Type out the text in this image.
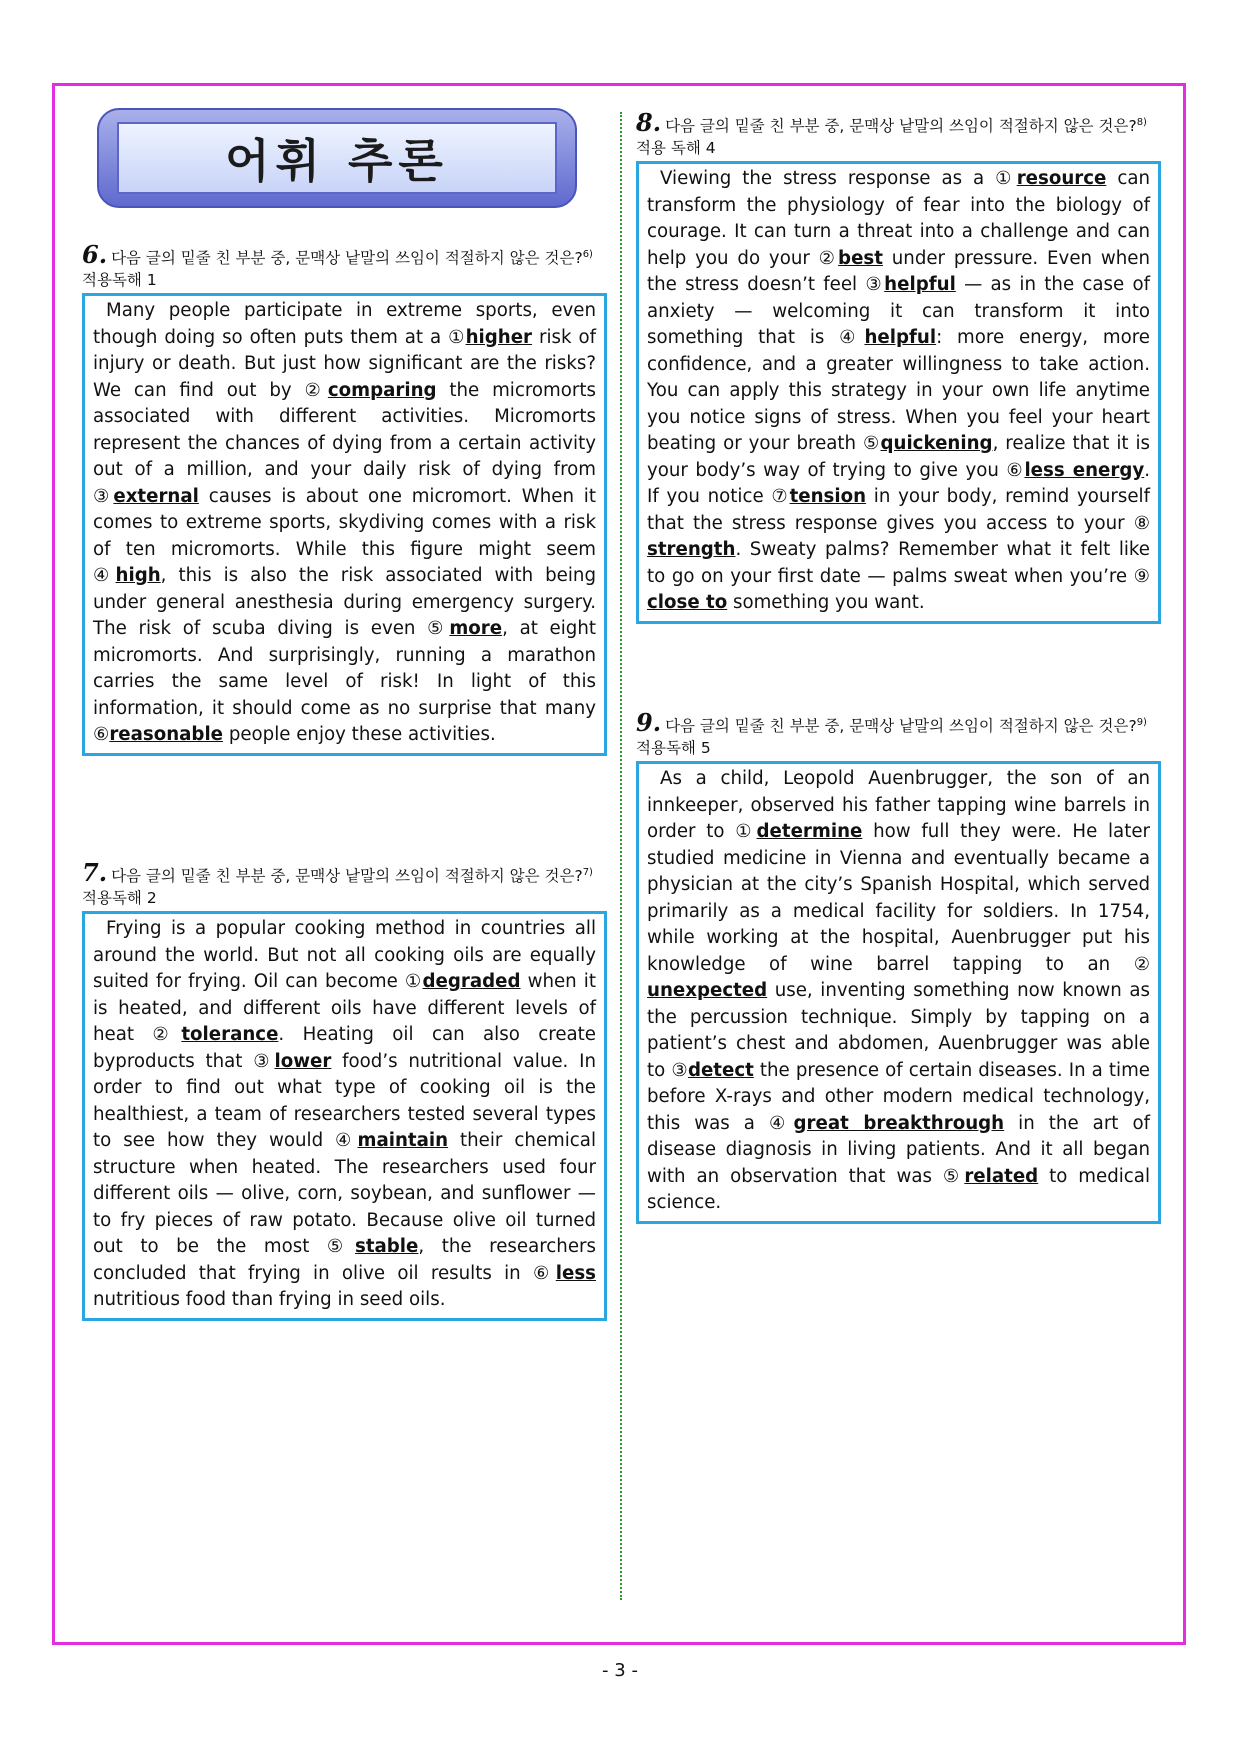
어휘 추론
6. 다음 글의 밑줄 친 부분 중, 문맥상 낱말의 쓰임이 적절하지 않은 것은?$^{6)}$적용독해 1

Many people participate in extreme sports, even though doing so often puts them at a ①higher risk of injury or death. But just how significant are the risks? We can find out by ②comparing the micromorts associated with different activities. Micromorts represent the chances of dying from a certain activity out of a million, and your daily risk of dying from ③external causes is about one micromort. When it comes to extreme sports, skydiving comes with a risk of ten micromorts. While this figure might seem ④high, this is also the risk associated with being under general anesthesia during emergency surgery. The risk of scuba diving is even ⑤more, at eight micromorts. And surprisingly, running a marathon carries the same level of risk! In light of this information, it should come as no surprise that many ⑥reasonable people enjoy these activities.

7. 다음 글의 밑줄 친 부분 중, 문맥상 낱말의 쓰임이 적절하지 않은 것은?$^{7)}$적용독해 2

Frying is a popular cooking method in countries all around the world. But not all cooking oils are equally suited for frying. Oil can become ①degraded when it is heated, and different oils have different levels of heat ②tolerance. Heating oil can also create byproducts that ③lower food’s nutritional value. In order to find out what type of cooking oil is the healthiest, a team of researchers tested several types to see how they would ④maintain their chemical structure when heated. The researchers used four different oils — olive, corn, soybean, and sunflower — to fry pieces of raw potato. Because olive oil turned out to be the most ⑤stable, the researchers concluded that frying in olive oil results in ⑥less nutritious food than frying in seed oils.

8. 다음 글의 밑줄 친 부분 중, 문맥상 낱말의 쓰임이 적절하지 않은 것은?$^{8)}$적용 독해 4

Viewing the stress response as a ①resource can transform the physiology of fear into the biology of courage. It can turn a threat into a challenge and can help you do your ②best under pressure. Even when the stress doesn’t feel ③helpful — as in the case of anxiety — welcoming it can transform it into something that is ④helpful: more energy, more confidence, and a greater willingness to take action. You can apply this strategy in your own life anytime you notice signs of stress. When you feel your heart beating or your breath ⑤quickening, realize that it is your body’s way of trying to give you ⑥less energy. If you notice ⑦tension in your body, remind yourself that the stress response gives you access to your ⑧ strength. Sweaty palms? Remember what it felt like to go on your first date — palms sweat when you’re ⑨ close to something you want.

9. 다음 글의 밑줄 친 부분 중, 문맥상 낱말의 쓰임이 적절하지 않은 것은?$^{9)}$적용독해 5

As a child, Leopold Auenbrugger, the son of an innkeeper, observed his father tapping wine barrels in order to ①determine how full they were. He later studied medicine in Vienna and eventually became a physician at the city’s Spanish Hospital, which served primarily as a medical facility for soldiers. In 1754, while working at the hospital, Auenbrugger put his knowledge of wine barrel tapping to an ② unexpected use, inventing something now known as the percussion technique. Simply by tapping on a patient’s chest and abdomen, Auenbrugger was able to ③detect the presence of certain diseases. In a time before X-rays and other modern medical technology, this was a ④great breakthrough in the art of disease diagnosis in living patients. And it all began with an observation that was ⑤related to medical science.

- 3 -
